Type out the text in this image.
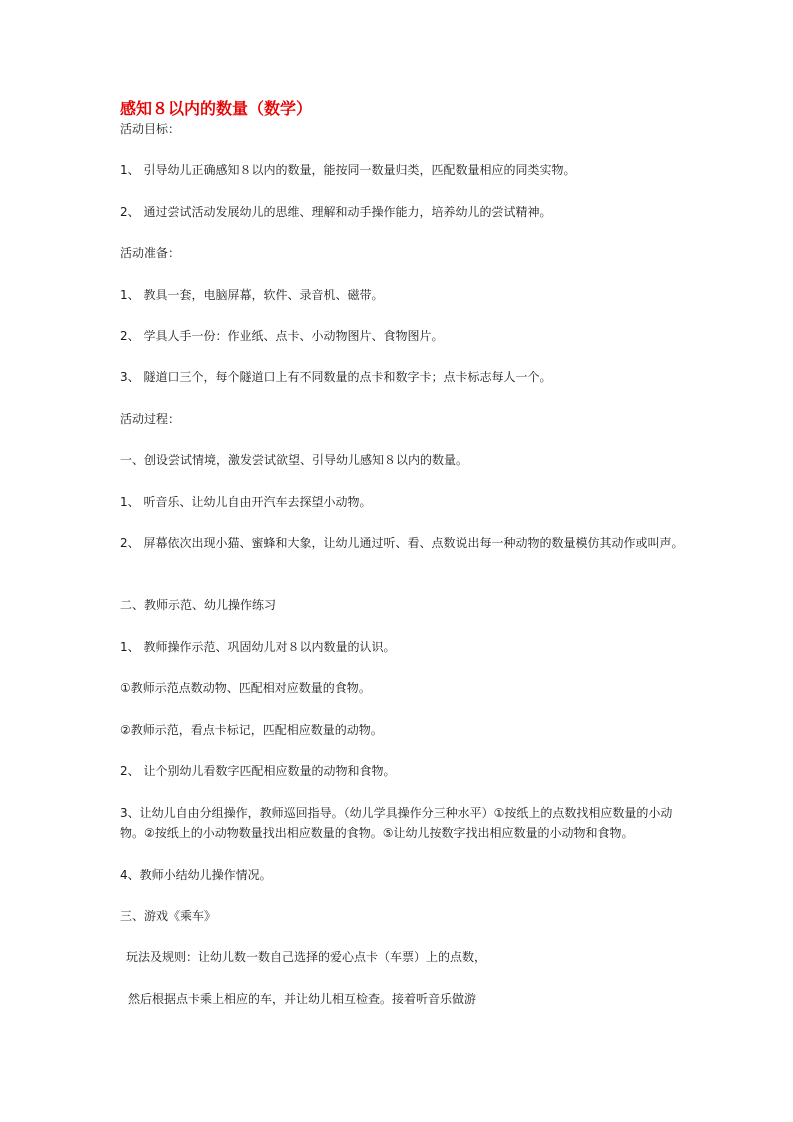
感知８以内的数量（数学）
活动目标：
1、 引导幼儿正确感知８以内的数量，能按同一数量归类，匹配数量相应的同类实物。
2、 通过尝试活动发展幼儿的思维、理解和动手操作能力，培养幼儿的尝试精神。
活动准备：
1、 教具一套，电脑屏幕，软件、录音机、磁带。
2、 学具人手一份：作业纸、点卡、小动物图片、食物图片。
3、 隧道口三个，每个隧道口上有不同数量的点卡和数字卡；点卡标志每人一个。
活动过程：
一、创设尝试情境，激发尝试欲望、引导幼儿感知８以内的数量。
1、 听音乐、让幼儿自由开汽车去探望小动物。
2、 屏幕依次出现小猫、蜜蜂和大象，让幼儿通过听、看、点数说出每一种动物的数量模仿其动作或叫声。
二、教师示范、幼儿操作练习
1、 教师操作示范、巩固幼儿对８以内数量的认识。
①教师示范点数动物、匹配相对应数量的食物。
②教师示范，看点卡标记，匹配相应数量的动物。
2、 让个别幼儿看数字匹配相应数量的动物和食物。
3、让幼儿自由分组操作，教师巡回指导。（幼儿学具操作分三种水平）①按纸上的点数找相应数量的小动物。②按纸上的小动物数量找出相应数量的食物。⑤让幼儿按数字找出相应数量的小动物和食物。
4、教师小结幼儿操作情况。
三、游戏《乘车》
玩法及规则：让幼儿数一数自己选择的爱心点卡（车票）上的点数，
然后根据点卡乘上相应的车，并让幼儿相互检查。接着听音乐做游
